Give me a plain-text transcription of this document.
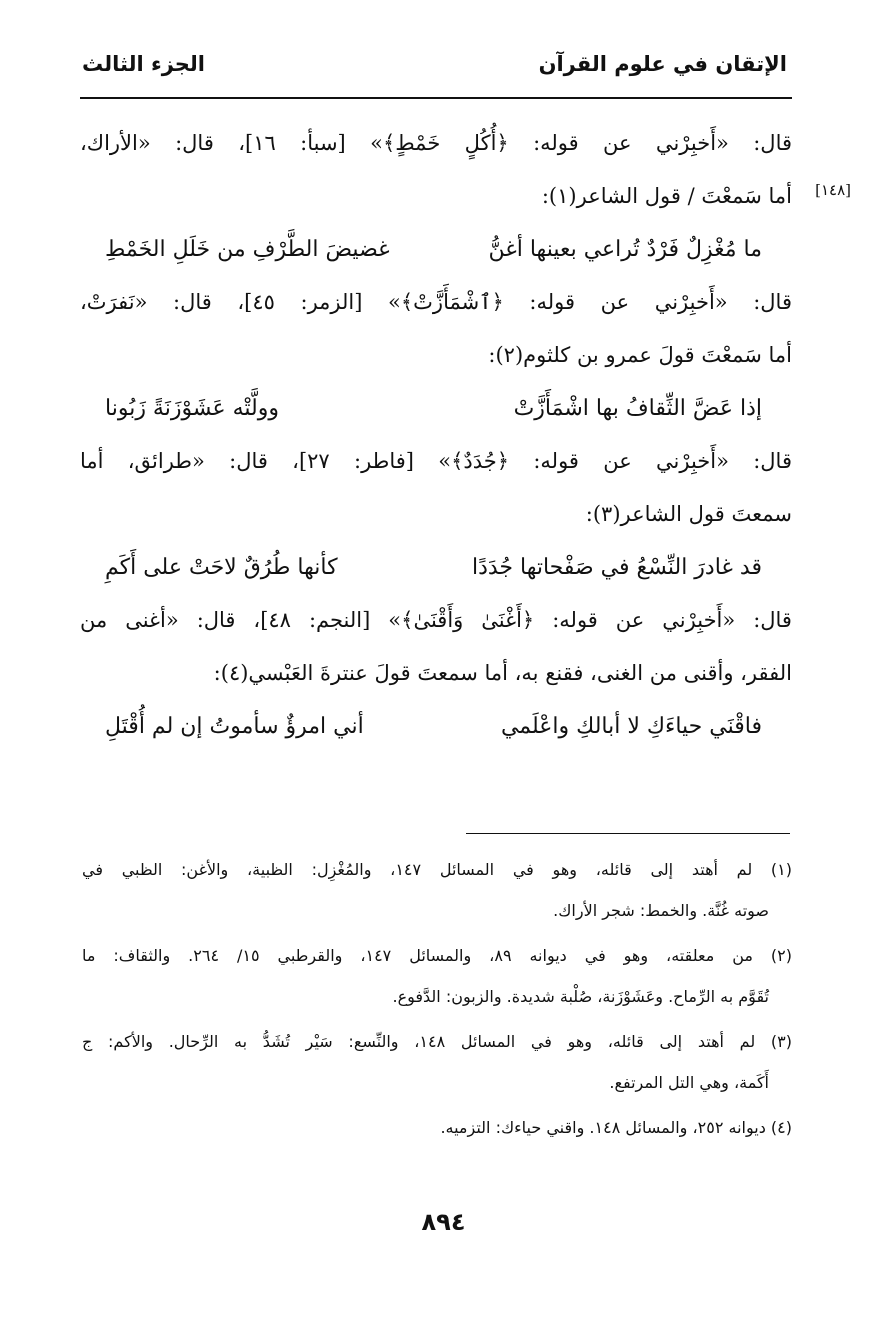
الإتقان في علوم القرآن
الجزء الثالث
[١٤٨]
قال: «أَخبِرْني عن قوله: ﴿أُكُلٍ خَمْطٍ﴾» [سبأ: ١٦]، قال: «الأراك،
أما سَمعْتَ / قول الشاعر(١):
ما مُغْزِلٌ فَرْدٌ تُراعي بعينها أغنُّ
غضيضَ الطَّرْفِ من خَلَلِ الخَمْطِ
قال: «أَخبِرْني عن قوله: ﴿ٱشْمَأَزَّتْ﴾» [الزمر: ٤٥]، قال: «نَفرَتْ،
أما سَمعْتَ قولَ عمرو بن كلثوم(٢):
إذا عَضَّ الثِّقافُ بها اشْمَأَزَّتْ
وولَّتْه عَشَوْزَنَةً زَبُونا
قال: «أَخبِرْني عن قوله: ﴿جُدَدٌ﴾» [فاطر: ٢٧]، قال: «طرائق، أما
سمعتَ قول الشاعر(٣):
قد غادرَ النِّسْعُ في صَفْحاتها جُدَدًا
كأنها طُرُقٌ لاحَتْ على أَكَمِ
قال: «أَخبِرْني عن قوله: ﴿أَغْنَىٰ وَأَقْنَىٰ﴾» [النجم: ٤٨]، قال: «أغنى من
الفقر، وأقنى من الغنى، فقنع به، أما سمعتَ قولَ عنترةَ العَبْسي(٤):
فاقْنَي حياءَكِ لا أبالكِ واعْلَمي
أني امرؤٌ سأموتُ إن لم أُقْتَلِ
(١) لم أهتد إلى قائله، وهو في المسائل ١٤٧، والمُغْزِل: الظبية، والأغن: الظبي في
صوته غُنَّة. والخمط: شجر الأراك.
(٢) من معلقته، وهو في ديوانه ٨٩، والمسائل ١٤٧، والقرطبي ١٥/ ٢٦٤. والثقاف: ما
تُقَوَّم به الرِّماح. وعَشَوْزَنة، صُلْبة شديدة. والزبون: الدَّفوع.
(٣) لم أهتد إلى قائله، وهو في المسائل ١٤٨، والنِّسع: سَيْر تُشَدُّ به الرِّحال. والأكم: ج
أَكَمة، وهي التل المرتفع.
(٤) ديوانه ٢٥٢، والمسائل ١٤٨. واقني حياءك: التزميه.
٨٩٤
